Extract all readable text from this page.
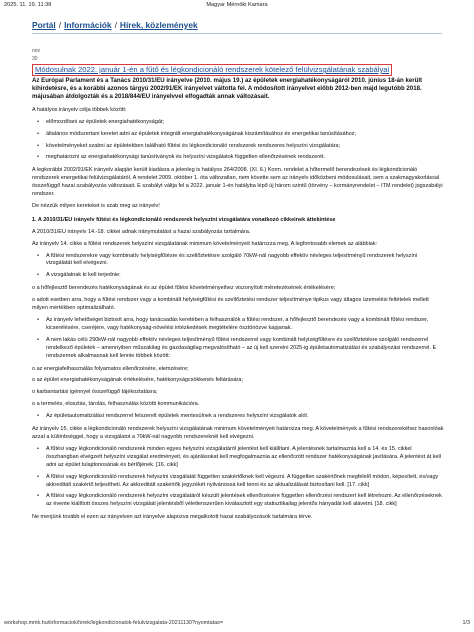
2025. 11. 19. 11:38	Magyar Mérnöki Kamara
Portál / Információk / Hírek, közlemények
nov
30
Módosulnak 2022. január 1-én a fűtő és légkondicionáló rendszerek kötelező felülvizsgálatának szabályai

Az Európai Parlament és a Tanács 2010/31/EU irányelve (2010. május 19.) az épületek energiahatékonyságáról 2010. június 18-án került kihirdetésre, és a korábbi azonos tárgyú 2002/91/EK irányelvet váltotta fel. A módosított irányelvet előbb 2012-ben majd legutóbb 2018. májusában átdolgozták és a 2018/844/EU irányelvvel elfogadták annak változásait.

A hatályos irányelv célja többek között:

• előmozdítani az épületek energiahatékonyságát;
• általános módszertani keretet adni az épületek integrált energiahatékonyságának kiszámításához és energetikai tanúsításához;
• követelményeket szabni az épületekben található fűtési és légkondicionáló rendszerek rendszeres helyszíni vizsgálatára;
• meghatározni az energiahatékonysági tanúsítványok és helyszíni vizsgálatok független ellenőrzésének rendszerét.

A legkorábbi 2002/91/EK irányelv alapján került kiadásra a jelenleg is hatályos 264/2008. (XI. 6.) Korm. rendelet a hőtermelő berendezések és légkondicionáló rendszerek energetikai felülvizsgálatáról. A rendelet 2009. október 1. óta változatlan, nem követte sem az irányelv időközbeni módosulásait, sem a szakmagyakorlással összefüggő hazai szabályozás változásait. E szabályt váltja fel a 2022. január 1-én hatályba lépő új három szintű (törvény – kormányrendelet – ITM rendelet) jogszabályi rendszer.

De nézzük milyen kereteket is szab meg az irányelv!

1. A 2010/31/EU irányelv fűtési és légkondicionáló rendszerek helyszíni vizsgálatára vonatkozó cikkeinek áttekintése

A 2010/31/EU irányelv 14.-18. cikkei adnak iránymutatást a hazai szabályozás tartalmára.

Az irányelv 14. cikke a fűtési rendszerek helyszíni vizsgálatának minimum követelményeit határozza meg. A legfontosabb elemek az alábbiak:

• A fűtési rendszerekre vagy kombinatív helyiségfűtésre és szellőztetésre szolgáló 70kW-nál nagyobb effektív névleges teljesítményű rendszerek helyszíni vizsgálatát kell elvégezni.
• A vizsgálatnak ki kell terjednie:

o a hőfejlesztő berendezés hatékonyságának és az épület fűtési követelményeihez viszonyított méretezésének értékelésére;

o adott esetben arra, hogy a fűtési rendszer vagy a kombinált helyiségfűtési és szellőztetési rendszer teljesítménye tipikus vagy átlagos üzemelési feltételek mellett milyen mértékben optimalizálható.

• Az irányelv lehetőséget biztosít arra, hogy tanácsadás keretében a felhasználók a fűtési rendszer, a hőfejlesztő berendezés vagy a kombinált fűtési rendszer, kicserélésére, cseréjére, vagy hatékonyság-növelési intézkedések megtételére ösztönözve kapjanak.
• A nem lakás célú 290kW-nál nagyobb effektív névleges teljesítményű fűtési rendszerrel vagy kombinált helyiségfűtésre és szellőztetésre szolgáló rendszerrel rendelkező épületek – amennyiben műszakilag és gazdaságilag megvalósítható – az új kell szerelni 2025-ig épületautomatizálási és szabályozási rendszerrel. E rendszernek alkalmasnak kell lennie többek között:

o az energiafelhasználás folyamatos ellenőrzésére, elemzésére;

o az épület energiahatékonyságának értékelésére, hatékonyságcsökkenés feltárására;

o karbantartási igénnyel összefüggő tájékoztatásra;

o a termelés, elosztás, tárolás, felhasználás közötti kommunikációra.

• Az épületautomatizálási rendszerrel felszerelt épületek mentesülnek a rendszeres helyszíni vizsgálatok alól.

Az irányelv 15. cikke a légkondicionáló rendszerek helyszíni vizsgálatának minimum követelményeit határozza meg. A követelmények a fűtési rendszerekéhez hasonlóak azzal a különbséggel, hogy a vizsgálatot a 70kW-nál nagyobb rendszereknél kell elvégezni.

• A fűtési vagy légkondicionáló rendszerek minden egyes helyszíni vizsgálatáról jelentést kell kiállítani. A jelentésnek tartalmaznia kell a 14. és 15. cikkel összhangban elvégzett helyszíni vizsgálat eredményeit, és ajánlásokat kell megfogalmaznia az ellenőrzött rendszer hatékonyságának javítására. A jelentést át kell adni az épület tulajdonosának és bérlőjének. [16. cikk]
• A fűtési vagy légkondicionáló rendszerek helyszíni vizsgálatát független szakértőknek kell végezni. A független szakértőnek megfelelő módon, képesített, és/vagy akkreditált szakértő teljesítheti. Az akkreditált szakértők jegyzékét nyilvánossá kell tenni és az aktualizálását biztosítani kell. [17. cikk]
• A fűtési vagy légkondicionáló rendszerek helyszíni vizsgálatáról készült jelentések ellenőrzésére független ellenőrzési rendszert kell létrehozni. Az ellenőrzéseknek az évente kiállított összes helyszíni vizsgálati jelentésből véletlenszerűen kiválasztott egy statisztikailag jelentős hányadát kell alávetni. [18. cikk]

Ne menjünk tovább el ezen az irányelven azt irányelve alapozva megalkotott hazai szabályozások tartalmára térve.

workshop.mmk.hu/informaciok/hirek/legkondicionalok-felulvizsgalata-20211130?nyomtatas=	1/3
